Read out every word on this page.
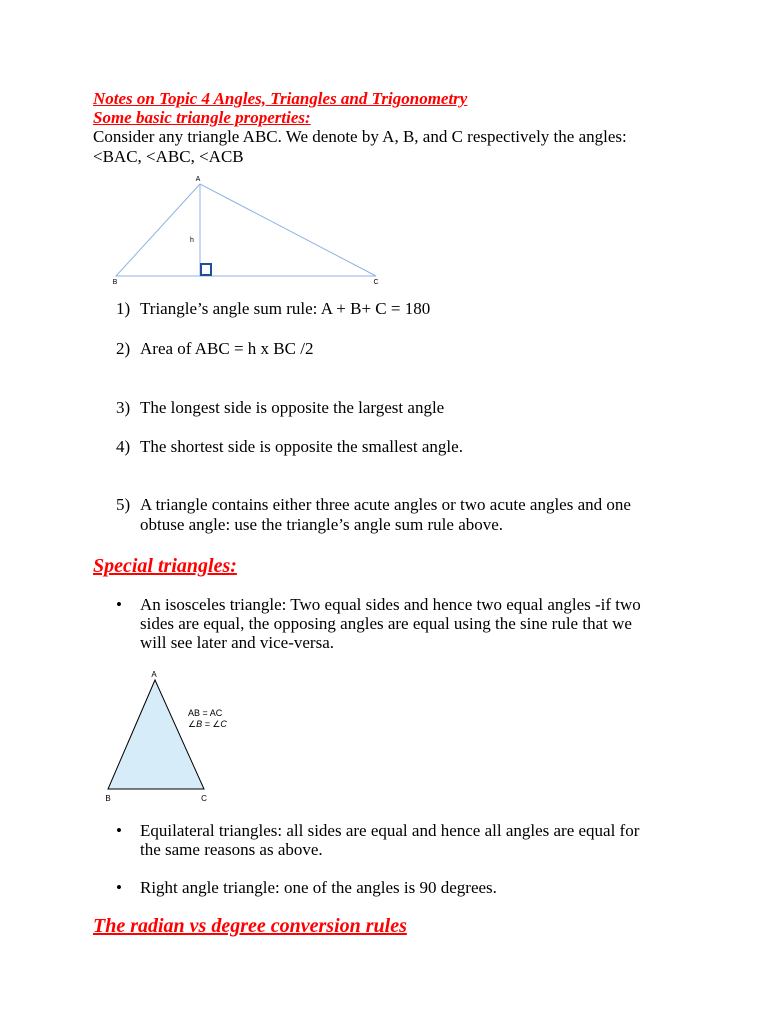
Notes on Topic 4 Angles, Triangles and Trigonometry
Some basic triangle properties:
Consider any triangle ABC. We denote by A, B, and C respectively the angles:
<BAC, <ABC, <ACB
A
B	C
h
1) Triangle’s angle sum rule: A + B+ C = 180
2) Area of ABC = h x BC /2
3) The longest side is opposite the largest angle
4) The shortest side is opposite the smallest angle.
5) A triangle contains either three acute angles or two acute angles and one
obtuse angle: use the triangle’s angle sum rule above.
Special triangles:
• An isosceles triangle: Two equal sides and hence two equal angles -if two
sides are equal, the opposing angles are equal using the sine rule that we
will see later and vice-versa.
A
B	C
AB = AC
∠B = ∠C
• Equilateral triangles: all sides are equal and hence all angles are equal for
the same reasons as above.
• Right angle triangle: one of the angles is 90 degrees.
The radian vs degree conversion rules
